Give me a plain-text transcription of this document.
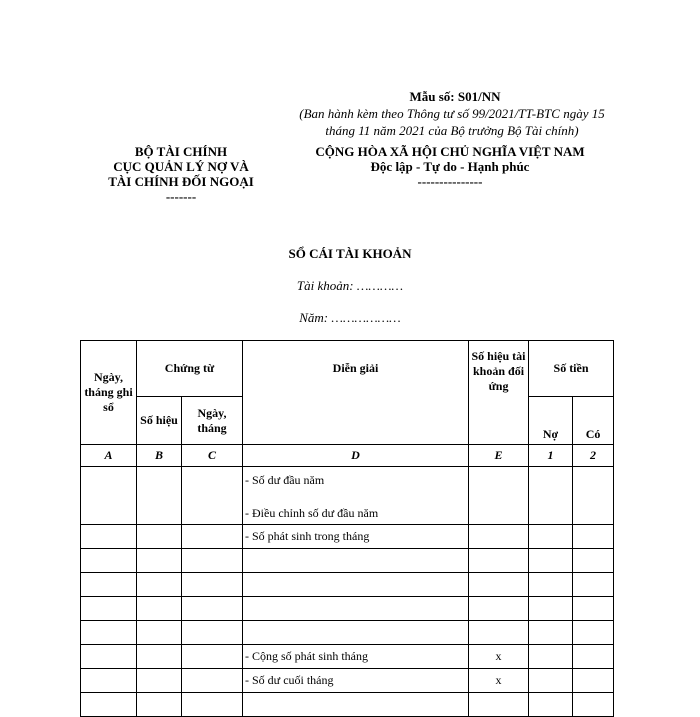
Mẫu số: S01/NN
(Ban hành kèm theo Thông tư số 99/2021/TT-BTC ngày 15 tháng 11 năm 2021 của Bộ trưởng Bộ Tài chính)
BỘ TÀI CHÍNH
CỤC QUẢN LÝ NỢ VÀ
TÀI CHÍNH ĐỐI NGOẠI
-------
CỘNG HÒA XÃ HỘI CHỦ NGHĨA VIỆT NAM
Độc lập - Tự do - Hạnh phúc
---------------
SỔ CÁI TÀI KHOẢN
Tài khoản: …………
Năm: ………………
Ngày, tháng ghi sổ	Chứng từ		Diễn giải	Số hiệu tài khoản đối ứng	Số tiền	
	Số hiệu	Ngày, tháng			Nợ	Có
A	B	C	D	E	1	2

			- Số dư đầu năm
- Điều chỉnh số dư đầu năm			

			- Số phát sinh trong tháng			

			- Cộng số phát sinh tháng	x		
			- Số dư cuối tháng	x		
